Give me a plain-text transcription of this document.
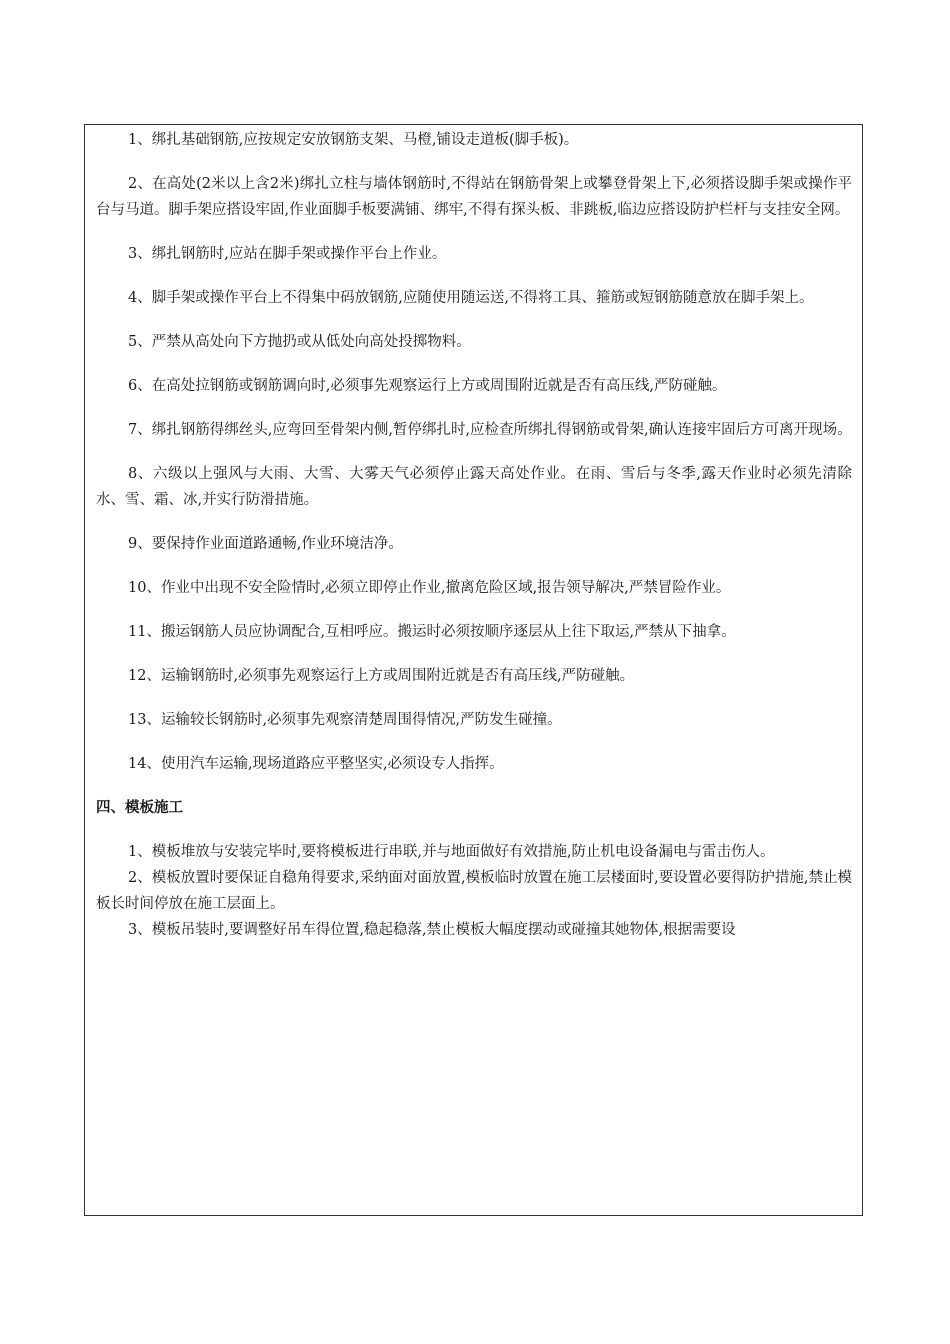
1、绑扎基础钢筋,应按规定安放钢筋支架、马橙,铺设走道板(脚手板)。

2、在高处(2米以上含2米)绑扎立柱与墙体钢筋时,不得站在钢筋骨架上或攀登骨架上下,必须搭设脚手架或操作平台与马道。脚手架应搭设牢固,作业面脚手板要满铺、绑牢,不得有探头板、非跳板,临边应搭设防护栏杆与支挂安全网。

3、绑扎钢筋时,应站在脚手架或操作平台上作业。

4、脚手架或操作平台上不得集中码放钢筋,应随使用随运送,不得将工具、箍筋或短钢筋随意放在脚手架上。

5、严禁从高处向下方抛扔或从低处向高处投掷物料。

6、在高处拉钢筋或钢筋调向时,必须事先观察运行上方或周围附近就是否有高压线,严防碰触。

7、绑扎钢筋得绑丝头,应弯回至骨架内侧,暂停绑扎时,应检查所绑扎得钢筋或骨架,确认连接牢固后方可离开现场。

8、六级以上强风与大雨、大雪、大雾天气必须停止露天高处作业。在雨、雪后与冬季,露天作业时必须先清除水、雪、霜、冰,并实行防滑措施。

9、要保持作业面道路通畅,作业环境洁净。

10、作业中出现不安全险情时,必须立即停止作业,撤离危险区域,报告领导解决,严禁冒险作业。

11、搬运钢筋人员应协调配合,互相呼应。搬运时必须按顺序逐层从上往下取运,严禁从下抽拿。

12、运输钢筋时,必须事先观察运行上方或周围附近就是否有高压线,严防碰触。

13、运输较长钢筋时,必须事先观察清楚周围得情况,严防发生碰撞。

14、使用汽车运输,现场道路应平整坚实,必须设专人指挥。

四、模板施工

1、模板堆放与安装完毕时,要将模板进行串联,并与地面做好有效措施,防止机电设备漏电与雷击伤人。

2、模板放置时要保证自稳角得要求,采纳面对面放置,模板临时放置在施工层楼面时,要设置必要得防护措施,禁止模板长时间停放在施工层面上。

3、模板吊装时,要调整好吊车得位置,稳起稳落,禁止模板大幅度摆动或碰撞其她物体,根据需要设
